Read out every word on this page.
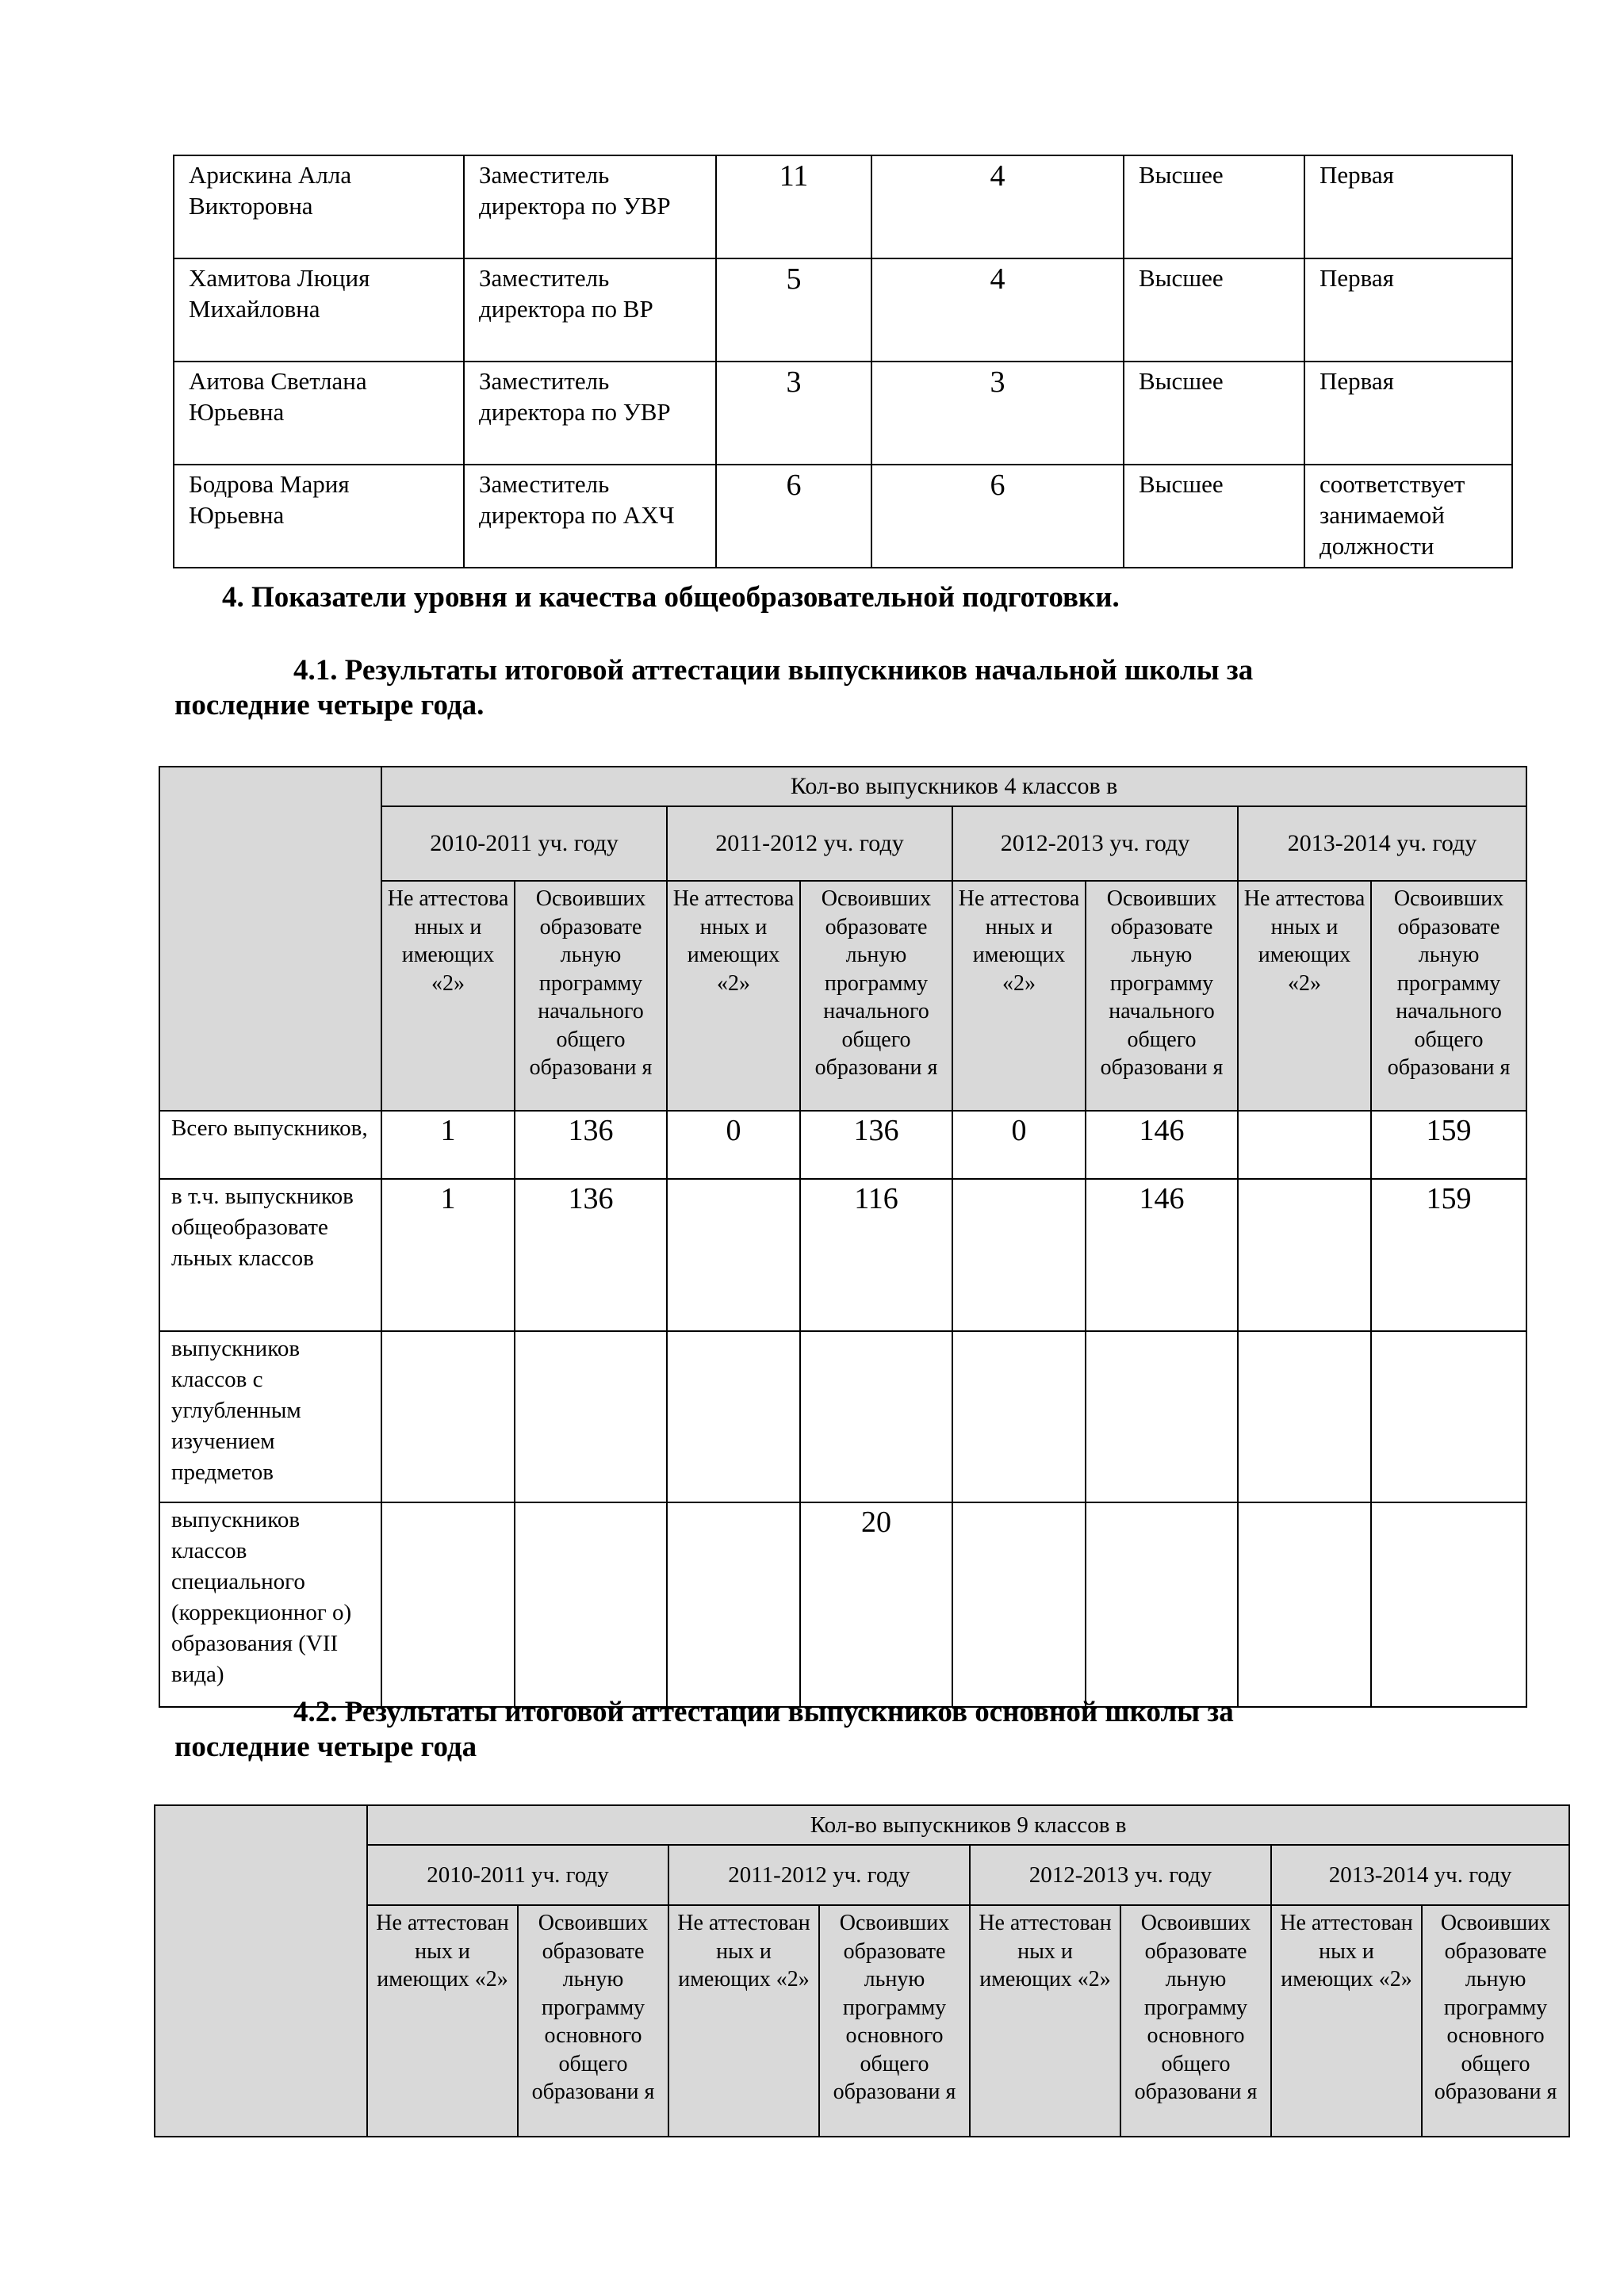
Арискина Алла Викторовна	Заместитель директора по УВР	11	4	Высшее	Первая
Хамитова Люция Михайловна	Заместитель директора по ВР	5	4	Высшее	Первая
Аитова Светлана Юрьевна	Заместитель директора по УВР	3	3	Высшее	Первая
Бодрова Мария Юрьевна	Заместитель директора по АХЧ	6	6	Высшее	соответствует занимаемой должности
4. Показатели уровня и качества общеобразовательной подготовки.
4.1. Результаты итоговой аттестации выпускников начальной школы за
последние четыре года.
	Кол-во выпускников 4 классов в							
	2010-2011 уч. году		2011-2012 уч. году		2012-2013 уч. году		2013-2014 уч. году	
	Не аттестова нных и имеющих «2»	Освоивших образовате льную программу начального общего образовани я	Не аттестова нных и имеющих «2»	Освоивших образовате льную программу начального общего образовани я	Не аттестова нных и имеющих «2»	Освоивших образовате льную программу начального общего образовани я	Не аттестова нных и имеющих «2»	Освоивших образовате льную программу начального общего образовани я
Всего выпускников,	1	136	0	136	0	146		159
в т.ч. выпускников общеобразовате льных классов	1	136		116		146		159
выпускников классов с углубленным изучением предметов								
выпускников классов специального (коррекционног о) образования (VII вида)				20				
4.2. Результаты итоговой аттестации выпускников основной школы за
последние четыре года
	Кол-во выпускников 9 классов в							
	2010-2011 уч. году		2011-2012 уч. году		2012-2013 уч. году		2013-2014 уч. году	
	Не аттестован ных и имеющих «2»	Освоивших образовате льную программу основного общего образовани я	Не аттестован ных и имеющих «2»	Освоивших образовате льную программу основного общего образовани я	Не аттестован ных и имеющих «2»	Освоивших образовате льную программу основного общего образовани я	Не аттестован ных и имеющих «2»	Освоивших образовате льную программу основного общего образовани я
